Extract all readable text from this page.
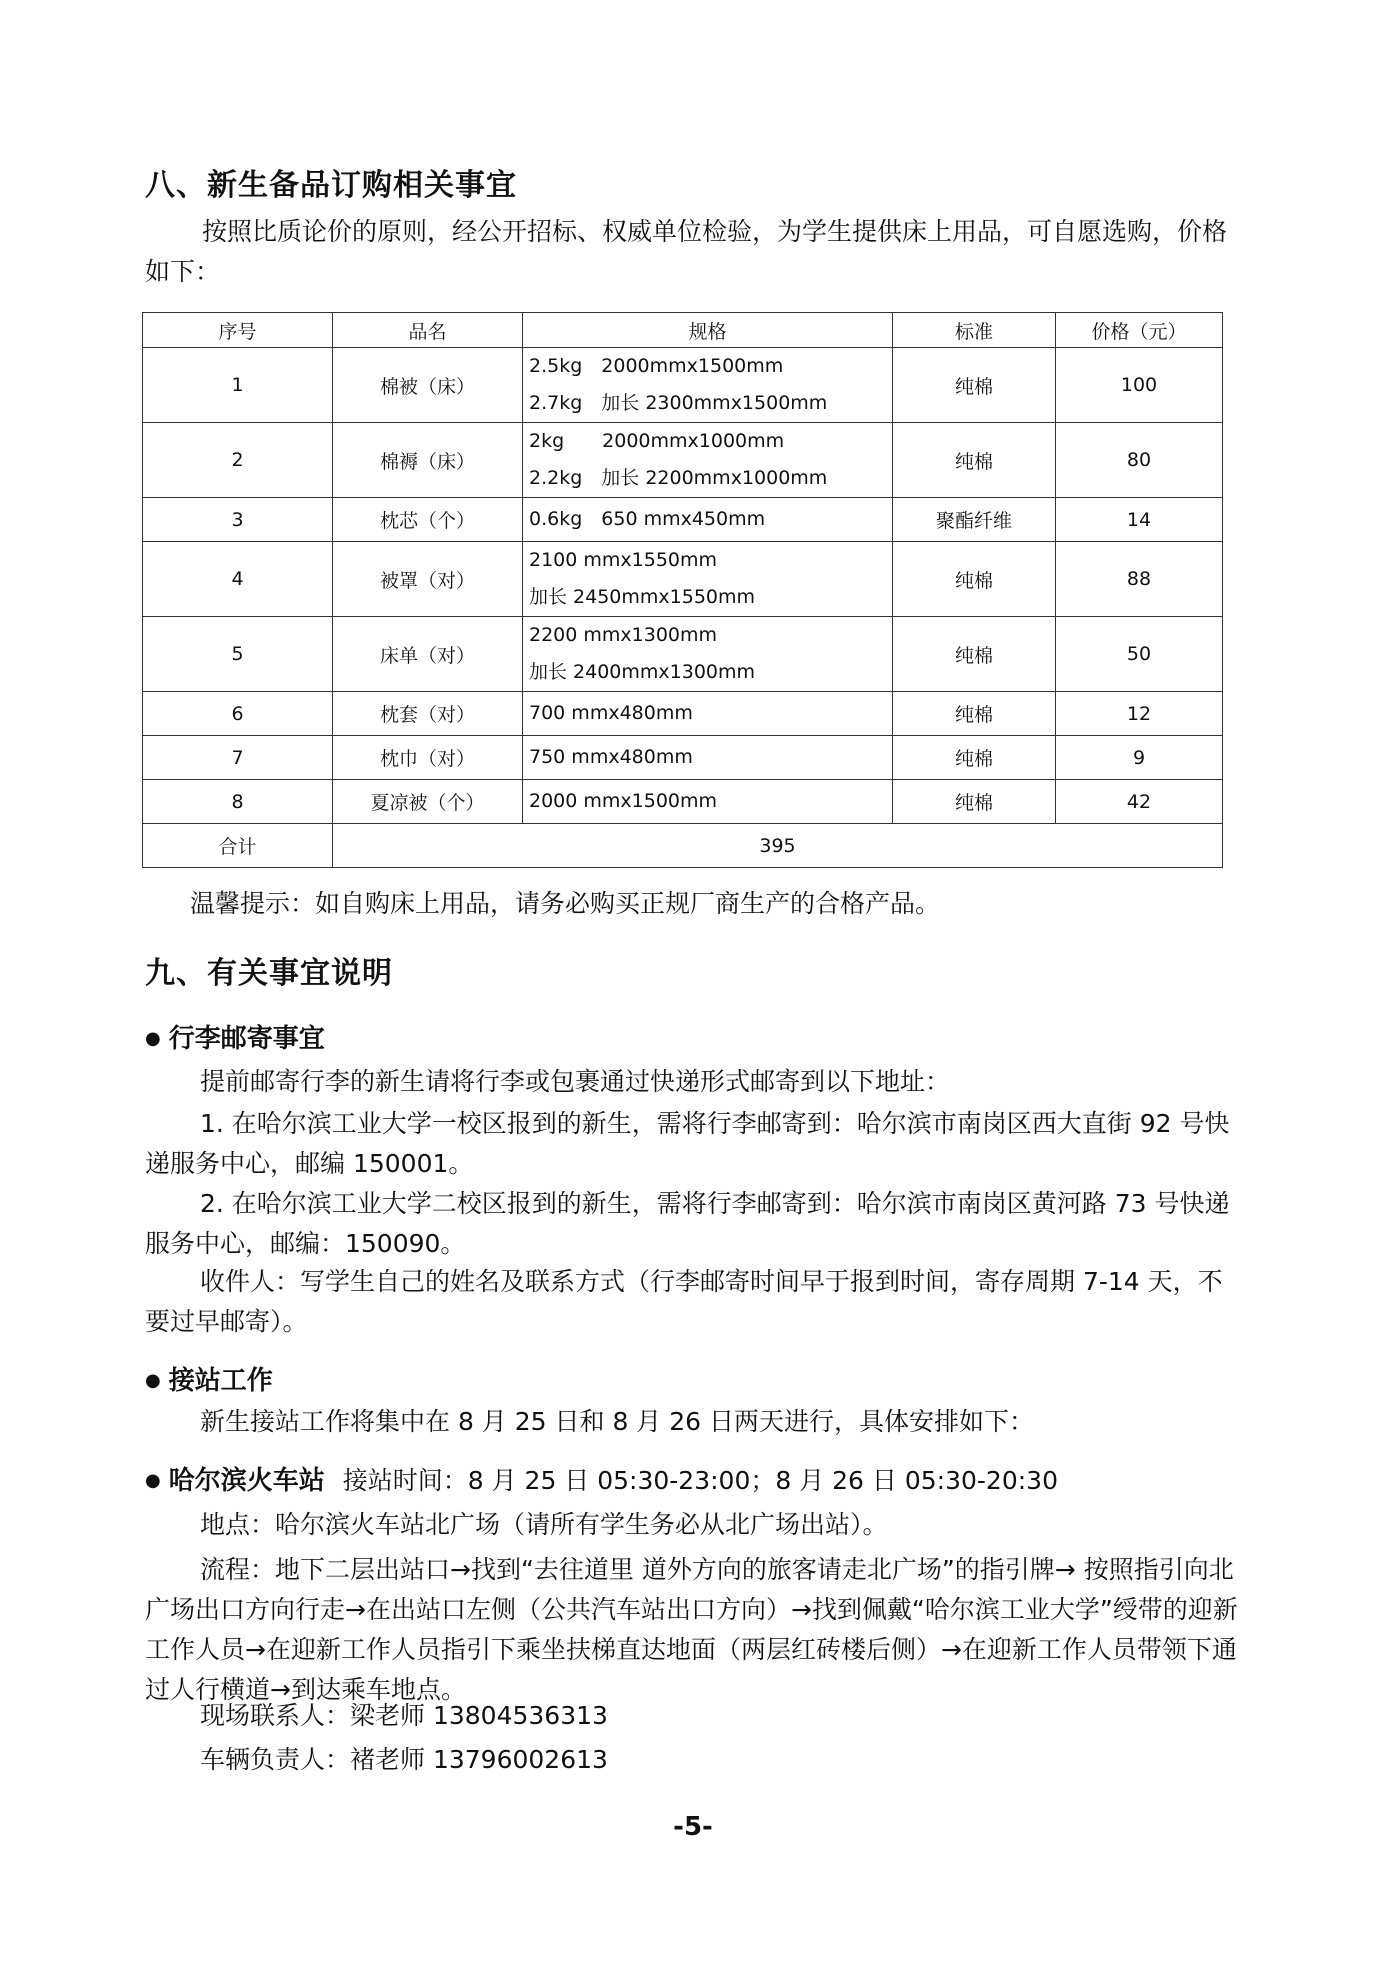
八、新生备品订购相关事宜
按照比质论价的原则，经公开招标、权威单位检验，为学生提供床上用品，可自愿选购，价格如下：
序号	品名	规格	标准	价格（元）
1	棉被（床）	2.5kg　2000mmx1500mm
2.7kg　加长 2300mmx1500mm	纯棉	100
2	棉褥（床）	2kg　　2000mmx1000mm
2.2kg　加长 2200mmx1000mm	纯棉	80
3	枕芯（个）	0.6kg　650 mmx450mm	聚酯纤维	14
4	被罩（对）	2100 mmx1550mm
加长 2450mmx1550mm	纯棉	88
5	床单（对）	2200 mmx1300mm
加长 2400mmx1300mm	纯棉	50
6	枕套（对）	700 mmx480mm	纯棉	12
7	枕巾（对）	750 mmx480mm	纯棉	9
8	夏凉被（个）	2000 mmx1500mm	纯棉	42
合计	395			
温馨提示：如自购床上用品，请务必购买正规厂商生产的合格产品。
九、有关事宜说明
● 行李邮寄事宜
提前邮寄行李的新生请将行李或包裹通过快递形式邮寄到以下地址：
1. 在哈尔滨工业大学一校区报到的新生，需将行李邮寄到：哈尔滨市南岗区西大直街 92 号快递服务中心，邮编 150001。
2. 在哈尔滨工业大学二校区报到的新生，需将行李邮寄到：哈尔滨市南岗区黄河路 73 号快递服务中心，邮编：150090。
收件人：写学生自己的姓名及联系方式（行李邮寄时间早于报到时间，寄存周期 7-14 天，不要过早邮寄）。
● 接站工作
新生接站工作将集中在 8 月 25 日和 8 月 26 日两天进行，具体安排如下：
● 哈尔滨火车站 接站时间：8 月 25 日 05:30-23:00；8 月 26 日 05:30-20:30
地点：哈尔滨火车站北广场（请所有学生务必从北广场出站）。
流程：地下二层出站口→找到“去往道里 道外方向的旅客请走北广场”的指引牌→ 按照指引向北广场出口方向行走→在出站口左侧（公共汽车站出口方向）→找到佩戴“哈尔滨工业大学”绶带的迎新工作人员→在迎新工作人员指引下乘坐扶梯直达地面（两层红砖楼后侧）→在迎新工作人员带领下通过人行横道→到达乘车地点。
现场联系人：梁老师 13804536313
车辆负责人：褚老师 13796002613
-5-
